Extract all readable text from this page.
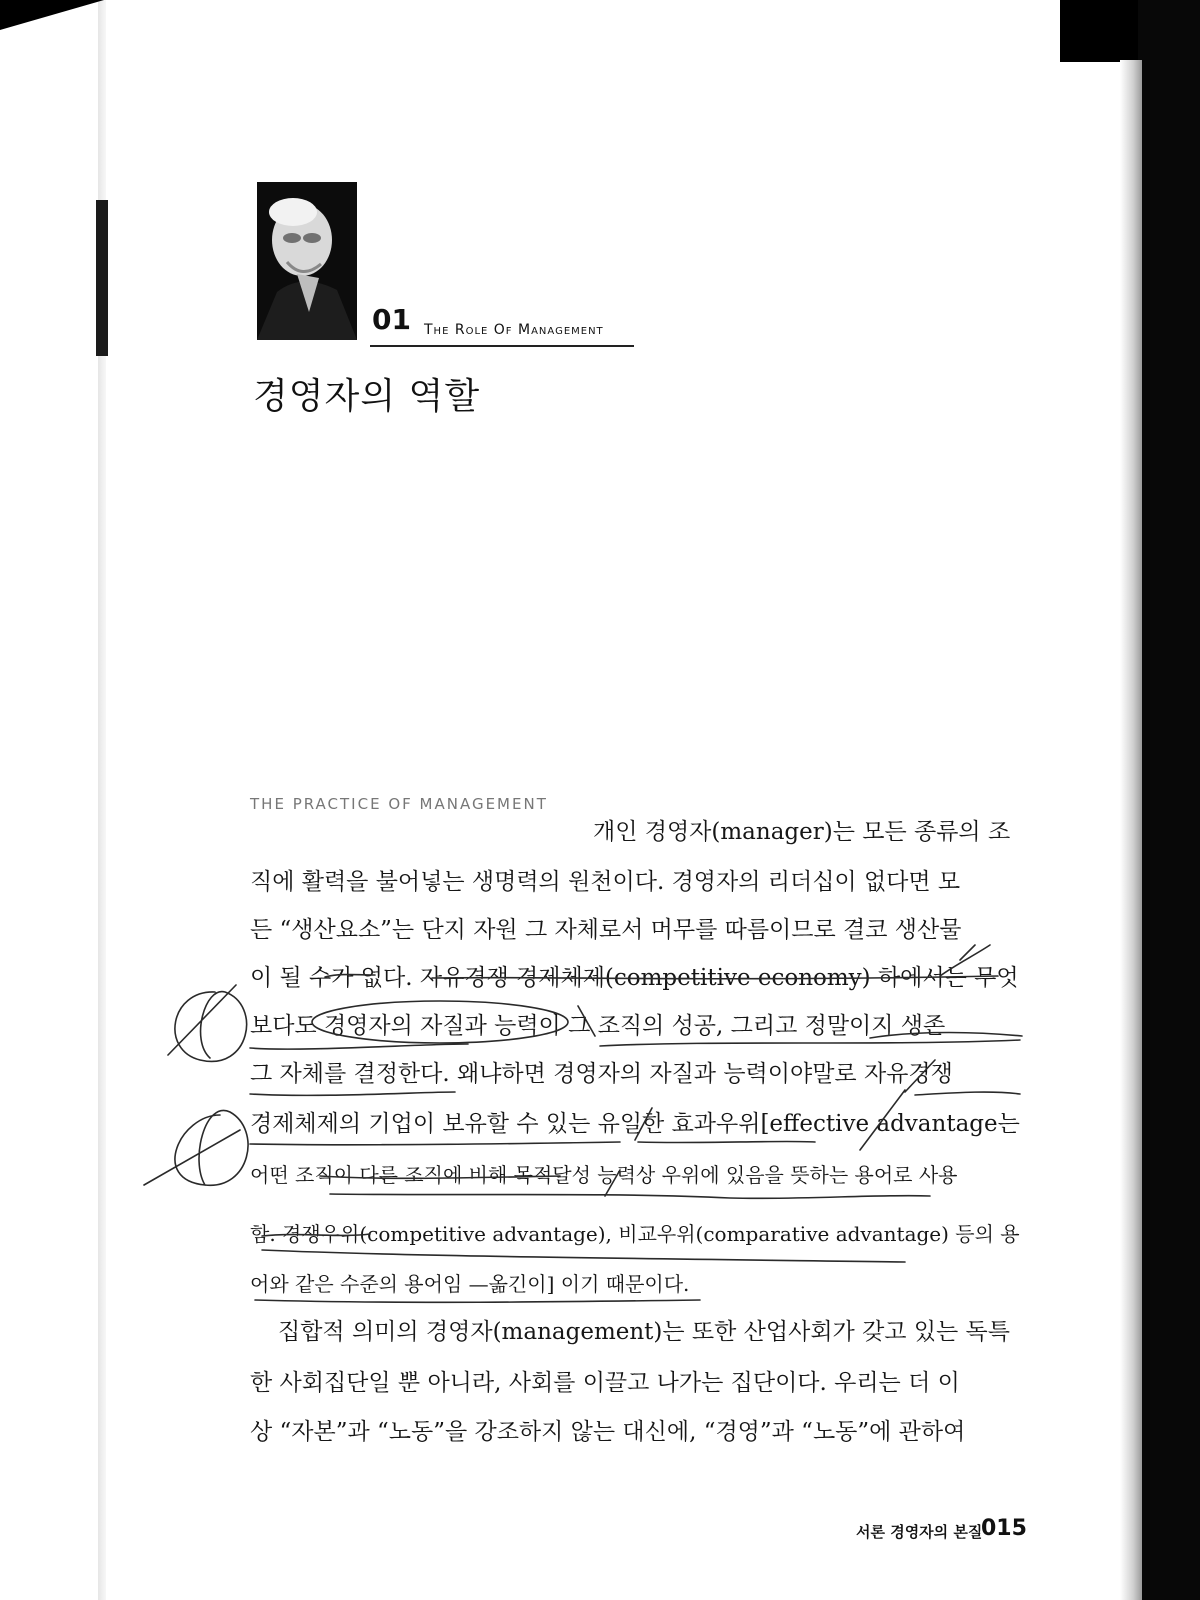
01 The Role Of Management
경영자의 역할
THE PRACTICE OF MANAGEMENT
개인 경영자(manager)는 모든 종류의 조
직에 활력을 불어넣는 생명력의 원천이다. 경영자의 리더십이 없다면 모
든 “생산요소”는 단지 자원 그 자체로서 머무를 따름이므로 결코 생산물
이 될 수가 없다. 자유경쟁 경제체제(competitive economy) 하에서는 무엇
보다도 경영자의 자질과 능력이 그 조직의 성공, 그리고 정말이지 생존
그 자체를 결정한다. 왜냐하면 경영자의 자질과 능력이야말로 자유경쟁
경제체제의 기업이 보유할 수 있는 유일한 효과우위[effective advantage는
어떤 조직이 다른 조직에 비해 목적달성 능력상 우위에 있음을 뜻하는 용어로 사용
함. 경쟁우위(competitive advantage), 비교우위(comparative advantage) 등의 용
어와 같은 수준의 용어임 —옮긴이] 이기 때문이다.
집합적 의미의 경영자(management)는 또한 산업사회가 갖고 있는 독특
한 사회집단일 뿐 아니라, 사회를 이끌고 나가는 집단이다. 우리는 더 이
상 “자본”과 “노동”을 강조하지 않는 대신에, “경영”과 “노동”에 관하여
서론 경영자의 본질
015
